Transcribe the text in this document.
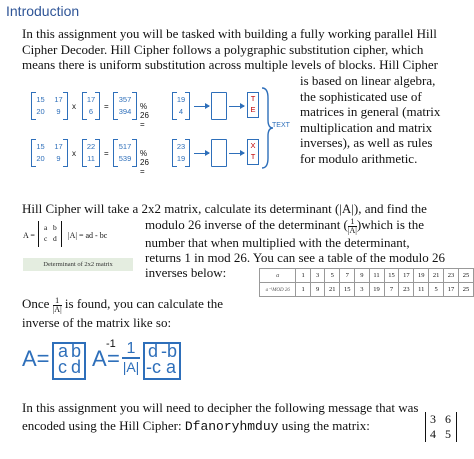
Introduction
In this assignment you will be tasked with building a fully working parallel Hill
Cipher Decoder. Hill Cipher follows a polygraphic substitution cipher, which
means there is uniform substitution across multiple levels of blocks. Hill Cipher
is based on linear algebra,
the sophisticated use of
matrices in general (matrix
multiplication and matrix
inverses), as well as rules
for modulo arithmetic.
15	17
20	9
x
17
6
=
357
394
% 26 =
19
4
T
E
15	17
20	9
x
22
11
=
517
539
% 26 =
23
19
X
T
TEXT
Hill Cipher will take a 2x2 matrix, calculate its determinant (|A|), and find the
modulo 26 inverse of the determinant ( $\frac{1}{|A|}$ )which is the
number that when multiplied with the determinant,
returns 1 in mod 26. You can see a table of the modulo 26
inverses below:
A =
a b
c d |A| = ad - bc
Determinant of 2x2 matrix
a	1	3	5	7	9	11	15	17	19	21	23	25
a⁻¹MOD 26	1	9	21	15	3	19	7	23	11	5	17	25
Once $\frac{1}{|A|}$ is found, you can calculate the
inverse of the matrix like so:
A= a b
c d A
-1
= 1
|A|
d -b
-c a
In this assignment you will need to decipher the following message that was
encoded using the Hill Cipher: Dfanoryhmduy using the matrix:	3 6
4 5
